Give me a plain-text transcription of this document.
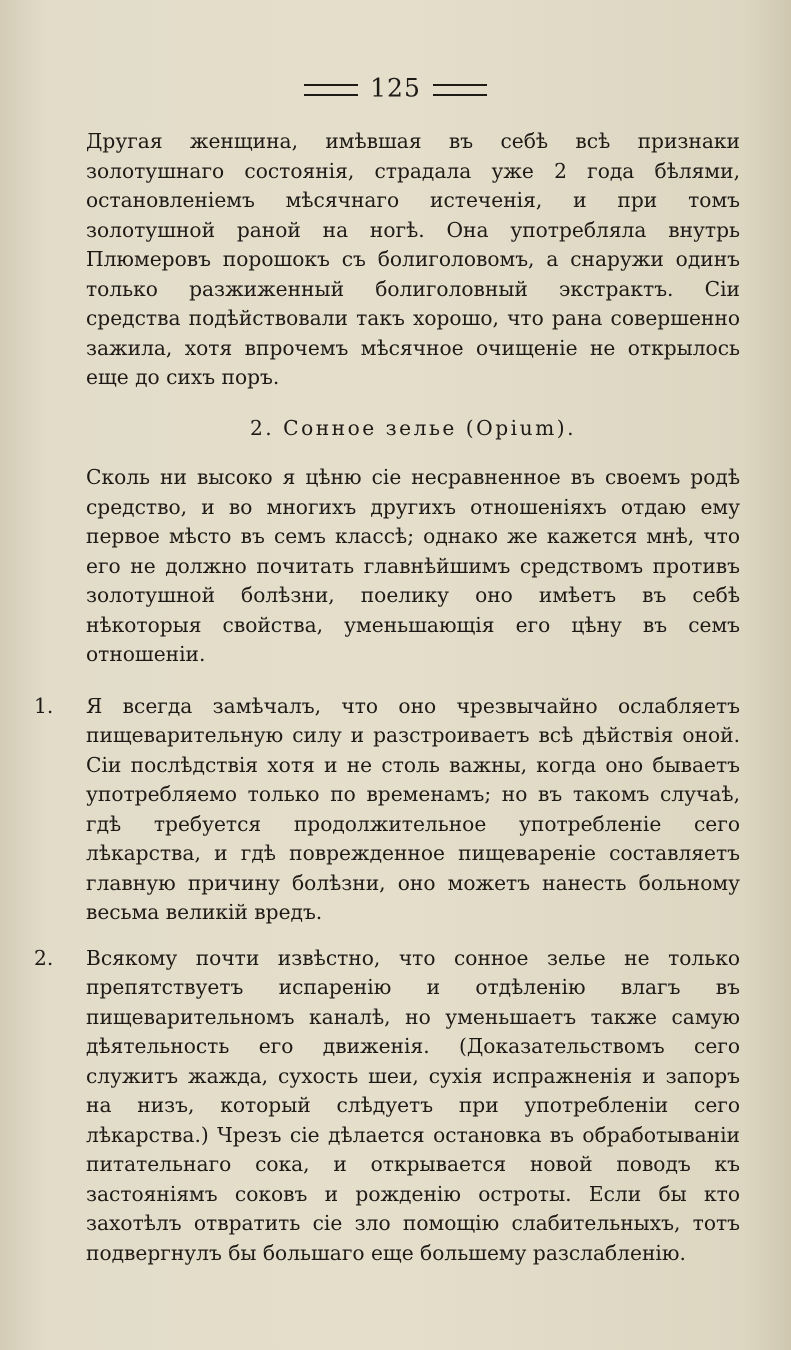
125

Другая женщина, имѣвшая въ себѣ всѣ признаки золотушнаго состоянія, страдала уже 2 года бѣлями, остановленіемъ мѣсячнаго истеченія, и при томъ золотушной раной на ногѣ. Она употребляла внутрь Плюмеровъ порошокъ съ болиголовомъ, а снаружи одинъ только разжиженный болиголовный экстрактъ. Сіи средства подѣйствовали такъ хорошо, что рана совершенно зажила, хотя впрочемъ мѣсячное очищеніе не открылось еще до сихъ поръ.

2. Сонное зелье (Opium).

Сколь ни высоко я цѣню сіе несравненное въ своемъ родѣ средство, и во многихъ другихъ отношеніяхъ отдаю ему первое мѣсто въ семъ классѣ; однако же кажется мнѣ, что его не должно почитать главнѣйшимъ средствомъ противъ золотушной болѣзни, поелику оно имѣетъ въ себѣ нѣкоторыя свойства, уменьшающія его цѣну въ семъ отношеніи.

1. Я всегда замѣчалъ, что оно чрезвычайно ослабляетъ пищеварительную силу и разстроиваетъ всѣ дѣйствія оной. Сіи послѣдствія хотя и не столь важны, когда оно бываетъ употребляемо только по временамъ; но въ такомъ случаѣ, гдѣ требуется продолжительное употребленіе сего лѣкарства, и гдѣ поврежденное пищевареніе составляетъ главную причину болѣзни, оно можетъ нанесть больному весьма великій вредъ.

2. Всякому почти извѣстно, что сонное зелье не только препятствуетъ испаренію и отдѣленію влагъ въ пищеварительномъ каналѣ, но уменьшаетъ также самую дѣятельность его движенія. (Доказательствомъ сего служитъ жажда, сухость шеи, сухія испражненія и запоръ на низъ, который слѣдуетъ при употребленіи сего лѣкарства.) Чрезъ сіе дѣлается остановка въ обработываніи питательнаго сока, и открывается новой поводъ къ застояніямъ соковъ и рожденію остроты. Если бы кто захотѣлъ отвратить сіе зло помощію слабительныхъ, тотъ подвергнулъ бы большаго еще большему разслабленію.
